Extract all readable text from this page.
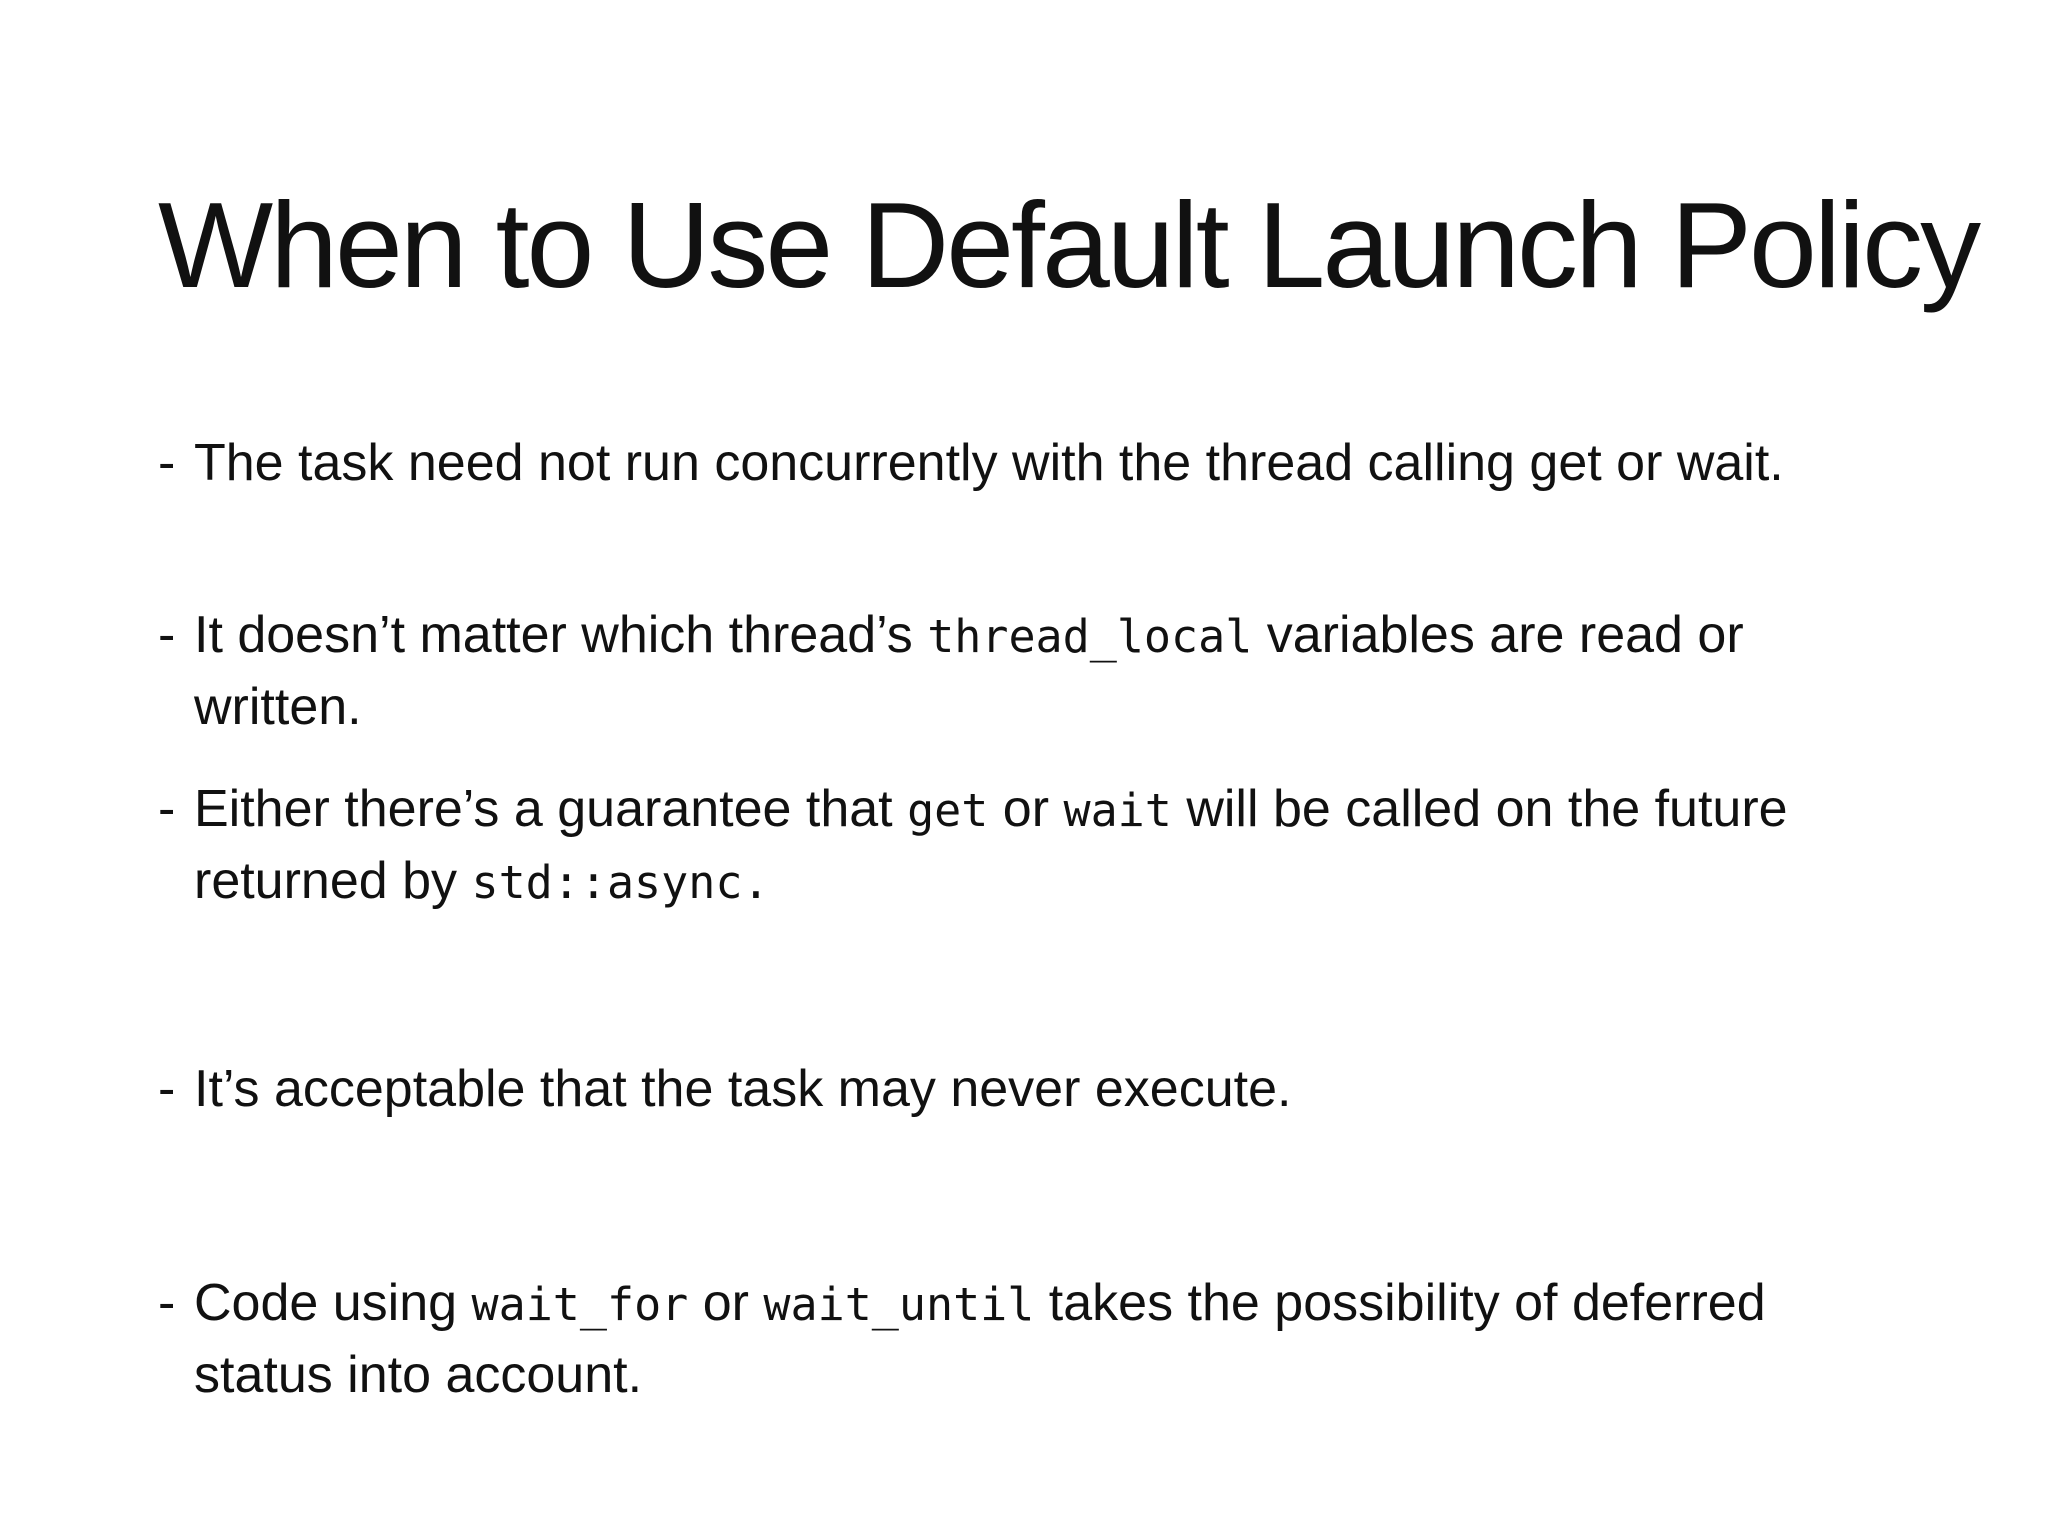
When to Use Default Launch Policy
- The task need not run concurrently with the thread calling get or wait.
- It doesn’t matter which thread’s thread_local variables are read or written.
- Either there’s a guarantee that get or wait will be called on the future returned by std::async.
- It’s acceptable that the task may never execute.
- Code using wait_for or wait_until takes the possibility of deferred status into account.
